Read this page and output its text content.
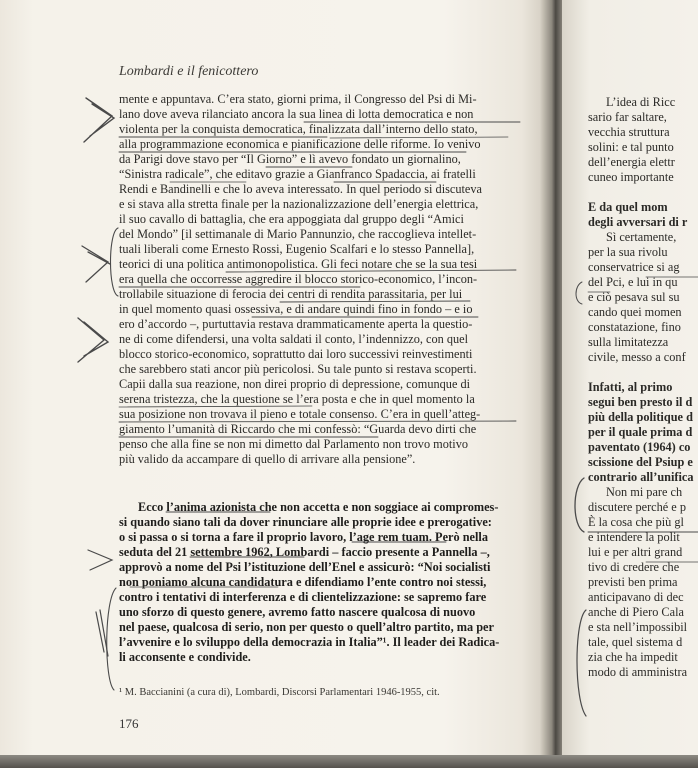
Lombardi e il fenicottero
mente e appuntava. C’era stato, giorni prima, il Congresso del Psi di Mi-
lano dove aveva rilanciato ancora la sua linea di lotta democratica e non
violenta per la conquista democratica, finalizzata dall’interno dello stato,
alla programmazione economica e pianificazione delle riforme. Io venivo
da Parigi dove stavo per “Il Giorno” e lì avevo fondato un giornalino,
“Sinistra radicale”, che editavo grazie a Gianfranco Spadaccia, ai fratelli
Rendi e Bandinelli e che lo aveva interessato. In quel periodo si discuteva
e si stava alla stretta finale per la nazionalizzazione dell’energia elettrica,
il suo cavallo di battaglia, che era appoggiata dal gruppo degli “Amici
del Mondo” [il settimanale di Mario Pannunzio, che raccoglieva intellet-
tuali liberali come Ernesto Rossi, Eugenio Scalfari e lo stesso Pannella],
teorici di una politica antimonopolistica. Gli feci notare che se la sua tesi
era quella che occorresse aggredire il blocco storico-economico, l’incon-
trollabile situazione di ferocia dei centri di rendita parassitaria, per lui
in quel momento quasi ossessiva, e di andare quindi fino in fondo – e io
ero d’accordo –, purtuttavia restava drammaticamente aperta la questio-
ne di come difendersi, una volta saldati il conto, l’indennizzo, con quel
blocco storico-economico, soprattutto dai loro successivi reinvestimenti
che sarebbero stati ancor più pericolosi. Su tale punto si restava scoperti.
Capii dalla sua reazione, non direi proprio di depressione, comunque di
serena tristezza, che la questione se l’era posta e che in quel momento la
sua posizione non trovava il pieno e totale consenso. C’era in quell’atteg-
giamento l’umanità di Riccardo che mi confessò: “Guarda devo dirti che
penso che alla fine se non mi dimetto dal Parlamento non trovo motivo
più valido da accampare di quello di arrivare alla pensione”.
Ecco l’anima azionista che non accetta e non soggiace ai compromes-
si quando siano tali da dover rinunciare alle proprie idee e prerogative:
o si passa o si torna a fare il proprio lavoro, l’age rem tuam. Però nella
seduta del 21 settembre 1962, Lombardi – faccio presente a Pannella –,
approvò a nome del Psi l’istituzione dell’Enel e assicurò: “Noi socialisti
non poniamo alcuna candidatura e difendiamo l’ente contro noi stessi,
contro i tentativi di interferenza e di clientelizzazione: se sapremo fare
uno sforzo di questo genere, avremo fatto nascere qualcosa di nuovo
nel paese, qualcosa di serio, non per questo o quell’altro partito, ma per
l’avvenire e lo sviluppo della democrazia in Italia”¹. Il leader dei Radica-
li acconsente e condivide.
¹ M. Baccianini (a cura di), Lombardi, Discorsi Parlamentari 1946-1955, cit.
176
L’idea di Ricc
sario far saltare,
vecchia struttura
solini: e tal punto
dell’energia elettr
cuneo importante
E da quel mom
degli avversari di r
Sì certamente,
per la sua rivolu
conservatrice si ag
del Pci, e lui in qu
e ciò pesava sul su
cando quei momen
constatazione, fino
sulla limitatezza
civile, messo a conf
Infatti, al primo
segui ben presto il d
più della politique d
per il quale prima d
paventato (1964) co
scissione del Psiup e
contrario all’unifica
Non mi pare ch
discutere perché e p
È la cosa che più gl
e intendere la polit
lui e per altri grand
tivo di credere che
previsti ben prima
anticipavano di dec
anche di Piero Cala
e sta nell’impossibil
tale, quel sistema d
zia che ha impedit
modo di amministra
